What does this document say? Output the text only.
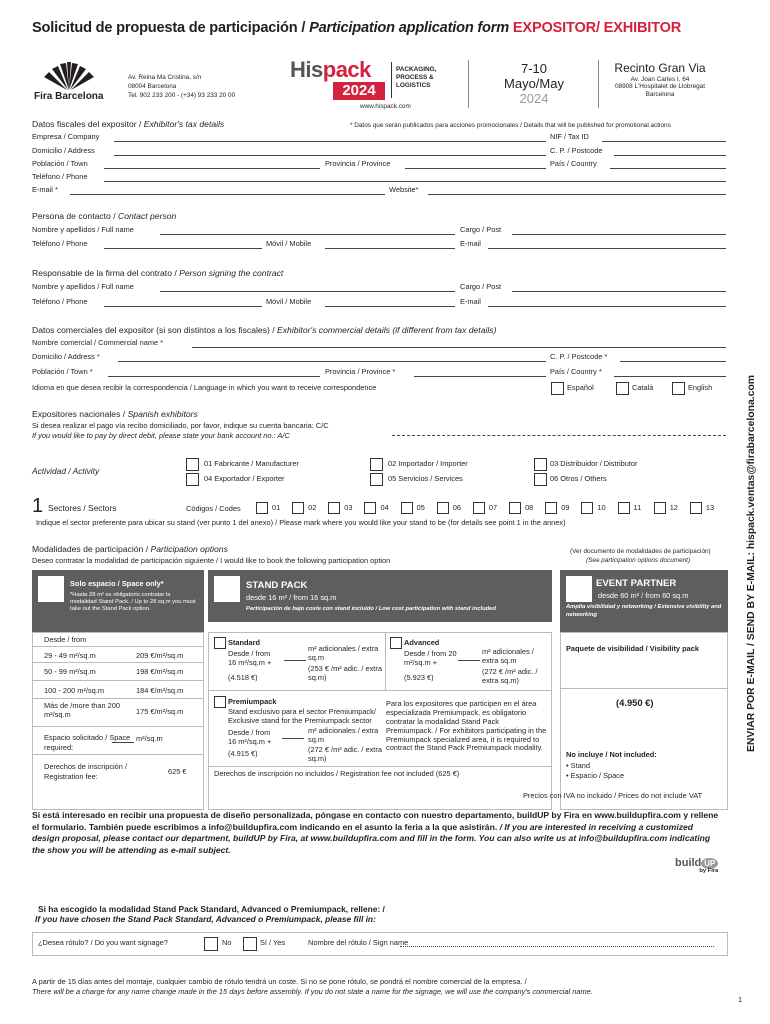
Solicitud de propuesta de participación / Participation application form EXPOSITOR/ EXHIBITOR
Fira Barcelona
Av. Reina Ma Cristina, s/n
08004 Barcelona
Tel. 902 233 200 - (+34) 93 233 20 00
Hispack
2024
PACKAGING,
PROCESS &
LOGISTICS
www.hispack.com
7-10
Mayo/May
2024
Recinto Gran Via
Av. Joan Carles I, 64
08908 L'Hospitalet de Llobregat
Barcelona
ENVIAR POR E-MAIL / SEND BY E-MAIL: hispack.ventas@firabarcelona.com
Datos fiscales del expositor / Exhibitor's tax details	* Datos que serán publicados para acciones promocionales / Details that will be published for promotional actions
Empresa / Company	NIF / Tax ID
Domicilio / Address	C. P. / Postcode
Población / Town	Provincia / Province	País / Country
Teléfono / Phone
E-mail *	Website*
Persona de contacto / Contact person
Nombre y apellidos / Full name	Cargo / Post
Teléfono / Phone	Móvil / Mobile	E-mail
Responsable de la firma del contrato / Person signing the contract
Nombre y apellidos / Full name	Cargo / Post
Teléfono / Phone	Móvil / Mobile	E-mail
Datos comerciales del expositor (si son distintos a los fiscales) / Exhibitor's commercial details (if different from tax details)
Nombre comercial / Commercial name *
Domicilio / Address *	C. P. / Postcode *
Población / Town *	Provincia / Province *	País / Country *
Idioma en que desea recibir la correspondencia / Language in which you want to receive correspondence	Español	Català	English
Expositores nacionales / Spanish exhibitors
Si desea realizar el pago vía recibo domiciliado, por favor, indique su cuenta bancaria: C/C
If you would like to pay by direct debit, please state your bank account no.: A/C
Actividad / Activity
01 Fabricante / Manufacturer	02 Importador / Importer	03 Distribuidor / Distributor
04 Exportador / Exporter	05 Servicios / Services	06 Otros / Others
1 Sectores / Sectors	Códigos / Codes	01	02	03	04	05	06	07	08	09	10	11	12	13
Indique el sector preferente para ubicar su stand (ver punto 1 del anexo) / Please mark where you would like your stand to be (for details see point 1 in the annex)
Modalidades de participación / Participation options
Deseo contratar la modalidad de participación siguiente / I would like to book the following participation option
(Ver documento de modalidades de participación)
(See participation options document)
Solo espacio / Space only*
*Hasta 28 m² es obligatorio contratar la modalidad Stand Pack. / Up to 28 sq.m you must take out the Stand Pack option.
Desde / from
29 - 49 m²/sq.m	209 €/m²/sq.m
50 - 99 m²/sq.m	198 €/m²/sq.m
100 - 200 m²/sq.m	184 €/m²/sq.m
Más de /more than 200 m²/sq.m	175 €/m²/sq.m
Espacio solicitado / Space required:
m²/sq.m
Derechos de inscripción / Registration fee:
625 €
STAND PACK
desde 16 m² / from 16 sq.m
Participación de bajo coste con stand incluido / Low cost participation with stand included
Standard
Desde / from 16 m²/sq.m +
(4.518 €)
m² adicionales / extra sq.m
(253 € /m² adic. / extra sq.m)
Advanced
Desde / from 20 m²/sq.m +
(5.923 €)
m² adicionales / extra sq.m
(272 € /m² adic. / extra sq.m)
Premiumpack
Stand exclusivo para el sector Premiumpack/ Exclusive stand for the Premiumpack sector
Desde / from 16 m²/sq.m +
(4.915 €)
m² adicionales / extra sq.m
(272 € /m² adic. / extra sq.m)
Para los expositores que participen en el área especializada Premiumpack, es obligatorio contratar la modalidad Stand Pack Premiumpack. / For exhibitors participating in the Premiumpack specialized area, it is required to contract the Stand Pack Premiumpack modality.
Derechos de inscripción no incluidos / Registration fee not included (625 €)
EVENT PARTNER
desde 60 m² / from 60 sq.m
Amplia visibilidad y networking / Extensive visibility and networking
Paquete de visibilidad / Visibility pack
(4.950 €)
No incluye / Not included:
• Stand
• Espacio / Space
Precios con IVA no incluido / Prices do not include VAT
Si está interesado en recibir una propuesta de diseño personalizada, póngase en contacto con nuestro departamento, buildUP by Fira en www.buildupfira.com y rellene el formulario. También puede escribimos a info@buildupfira.com indicando en el asunto la feria a la que asistirán. / If you are interested in receiving a customized design proposal, please contact our department, buildUP by Fira, at www.buildupfira.com and fill in the form. You can also write us at info@buildupfira.com indicating the show you will be attending as e-mail subject.
build UP
by Fira
Si ha escogido la modalidad Stand Pack Standard, Advanced o Premiumpack, rellene: /
If you have chosen the Stand Pack Standard, Advanced o Premiumpack, please fill in:
¿Desea rótulo? / Do you want signage?	No	Sí / Yes	Nombre del rótulo / Sign name
A partir de 15 días antes del montaje, cualquier cambio de rótulo tendrá un coste. Si no se pone rótulo, se pondrá el nombre comercial de la empresa. /
There will be a charge for any name change made in the 15 days before assembly. If you do not state a name for the signage, we will use the company's commercial name.
1
